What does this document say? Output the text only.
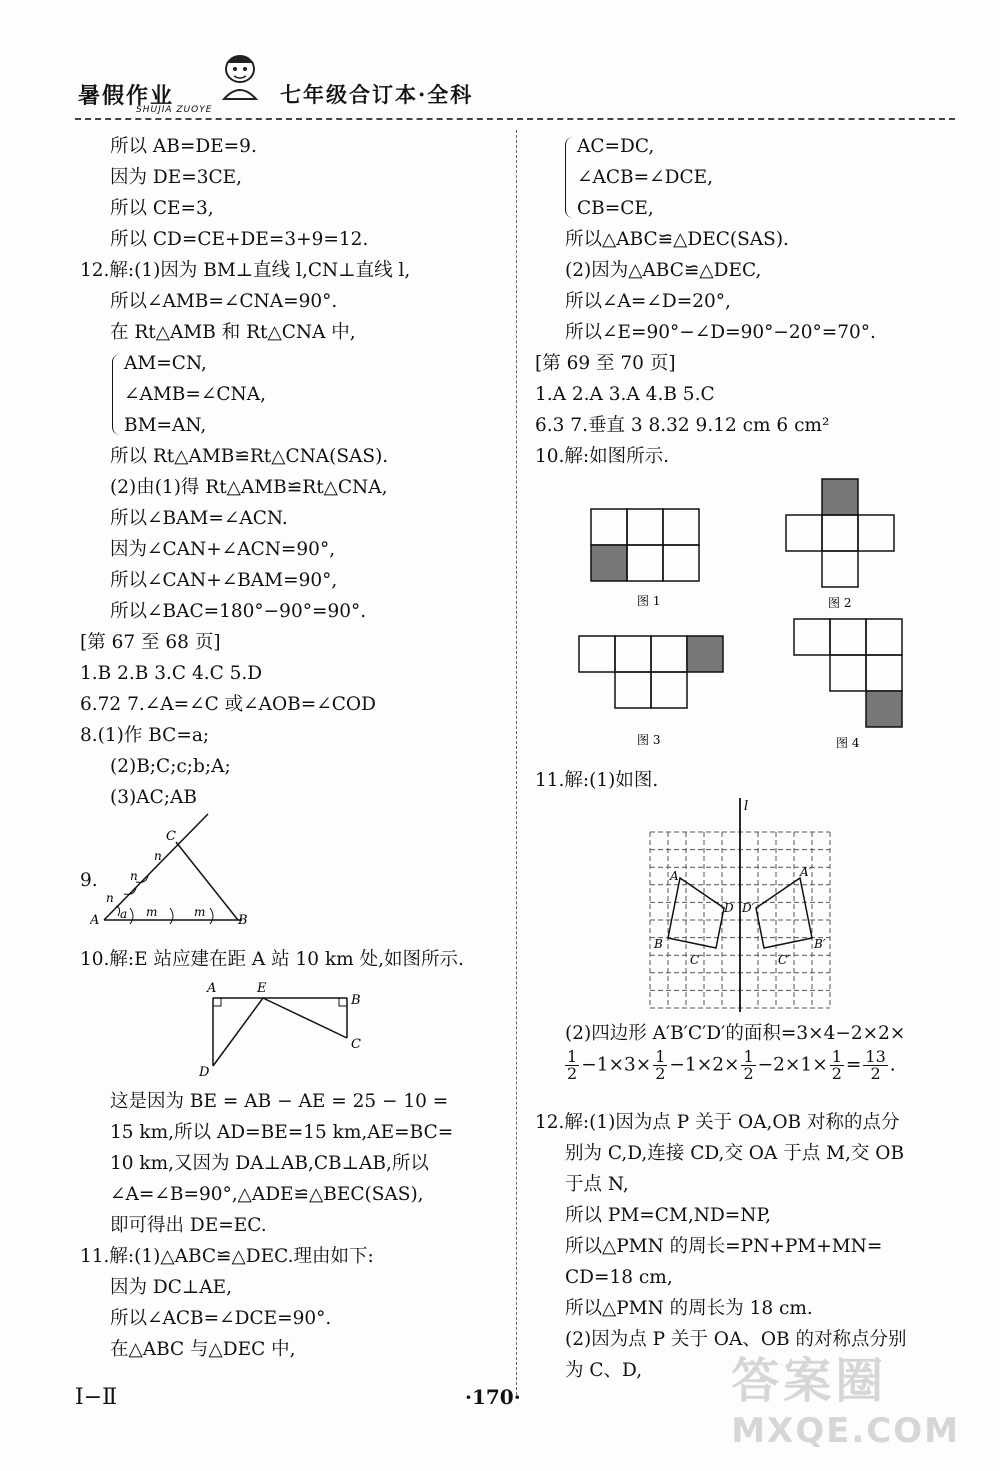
暑假作业
SHUJIA ZUOYE
七年级合订本·全科
所以 AB=DE=9.
因为 DE=3CE,
所以 CE=3,
所以 CD=CE+DE=3+9=12.
12.解:(1)因为 BM⊥直线 l,CN⊥直线 l,
所以∠AMB=∠CNA=90°.
在 Rt△AMB 和 Rt△CNA 中,
AM=CN,
∠AMB=∠CNA,
BM=AN,
所以 Rt△AMB≌Rt△CNA(SAS).
(2)由(1)得 Rt△AMB≌Rt△CNA,
所以∠BAM=∠ACN.
因为∠CAN+∠ACN=90°,
所以∠CAN+∠BAM=90°,
所以∠BAC=180°−90°=90°.
[第 67 至 68 页]
1.B 2.B 3.C 4.C 5.D
6.72 7.∠A=∠C 或∠AOB=∠COD
8.(1)作 BC=a;
(2)B;C;c;b;A;
(3)AC;AB
9.
A	B
C
n
n
n
a m	m
10.解:E 站应建在距 A 站 10 km 处,如图所示.
A	E
B
C
D
这是因为 BE = AB − AE = 25 − 10 =
15 km,所以 AD=BE=15 km,AE=BC=
10 km,又因为 DA⊥AB,CB⊥AB,所以
∠A=∠B=90°,△ADE≌△BEC(SAS),
即可得出 DE=EC.
11.解:(1)△ABC≌△DEC.理由如下:
因为 DC⊥AE,
所以∠ACB=∠DCE=90°.
在△ABC 与△DEC 中,
AC=DC,
∠ACB=∠DCE,
CB=CE,
所以△ABC≌△DEC(SAS).
(2)因为△ABC≌△DEC,
所以∠A=∠D=20°,
所以∠E=90°−∠D=90°−20°=70°.
[第 69 至 70 页]
1.A 2.A 3.A 4.B 5.C
6.3 7.垂直 3 8.32 9.12 cm 6 cm²
10.解:如图所示.
图 1	图 2
图 3	图 4
11.解:(1)如图.
l
A	A′
D D′
B	B′
C	C′
(2)四边形 A′B′C′D′的面积=3×4−2×2×
$\frac{1}{2} -1\times 3\times \frac{1}{2} -1\times 2\times \frac{1}{2} -2\times 1\times \frac{1}{2} = \frac{13}{2}$ .
12.解:(1)因为点 P 关于 OA,OB 对称的点分
别为 C,D,连接 CD,交 OA 于点 M,交 OB
于点 N,
所以 PM=CM,ND=NP,
所以△PMN 的周长=PN+PM+MN=
CD=18 cm,
所以△PMN 的周长为 18 cm.
(2)因为点 P 关于 OA、OB 的对称点分别
为 C、D,
Ⅰ−Ⅱ	·170·	答案圈
MXQE.COM
